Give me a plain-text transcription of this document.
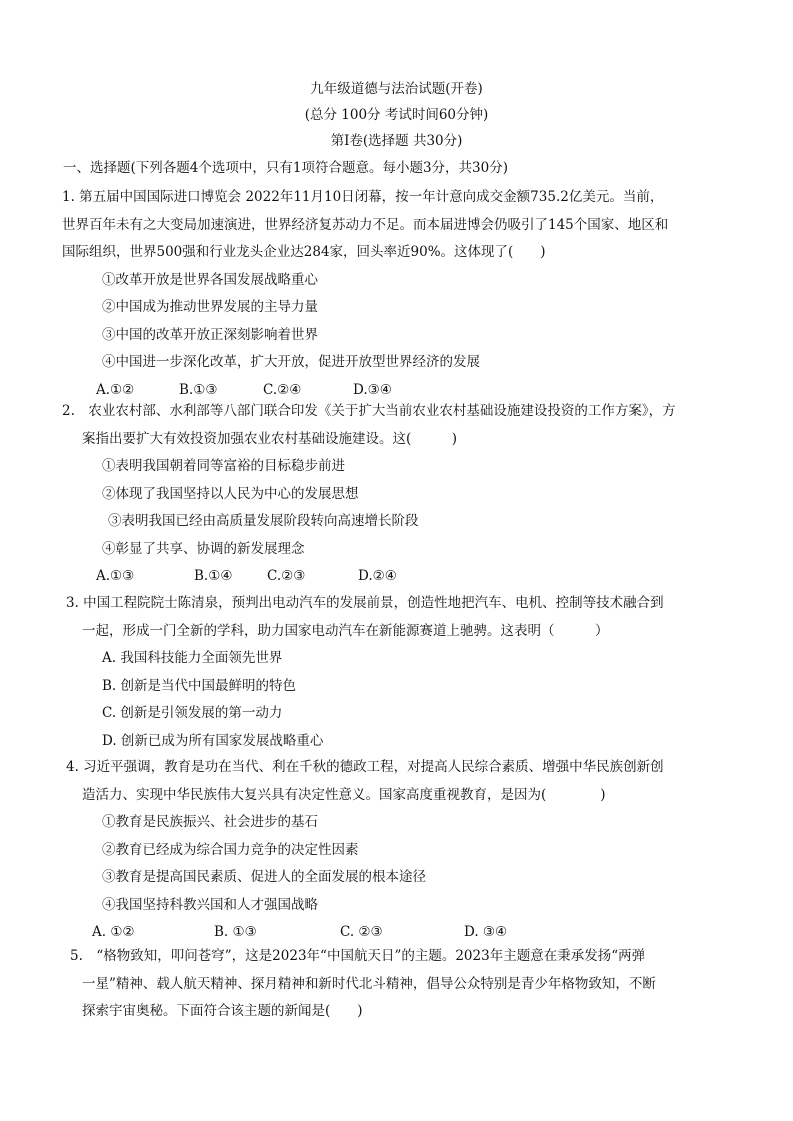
九年级道德与法治试题(开卷)
(总分 100分 考试时间60分钟)
第Ⅰ卷(选择题 共30分)
一、选择题(下列各题4个选项中，只有1项符合题意。每小题3分，共30分)
1. 第五届中国国际进口博览会 2022年11月10日闭幕，按一年计意向成交金额735.2亿美元。当前，
世界百年未有之大变局加速演进，世界经济复苏动力不足。而本届进博会仍吸引了145个国家、地区和
国际组织，世界500强和行业龙头企业达284家，回头率近90%。这体现了(　　)
①改革开放是世界各国发展战略重心
②中国成为推动世界发展的主导力量
③中国的改革开放正深刻影响着世界
④中国进一步深化改革，扩大开放，促进开放型世界经济的发展
A.①②	B.①③	C.②④	D.③④
2.　农业农村部、水利部等八部门联合印发《关于扩大当前农业农村基础设施建设投资的工作方案》，方
案指出要扩大有效投资加强农业农村基础设施建设。这(　　　)
①表明我国朝着同等富裕的目标稳步前进
②体现了我国坚持以人民为中心的发展思想
③表明我国已经由高质量发展阶段转向高速增长阶段
④彰显了共享、协调的新发展理念
A.①③	B.①④	C.②③	D.②④
3. 中国工程院院士陈清泉，预判出电动汽车的发展前景，创造性地把汽车、电机、控制等技术融合到
一起，形成一门全新的学科，助力国家电动汽车在新能源赛道上驰骋。这表明（　　　）
A. 我国科技能力全面领先世界
B. 创新是当代中国最鲜明的特色
C. 创新是引领发展的第一动力
D. 创新已成为所有国家发展战略重心
4. 习近平强调，教育是功在当代、利在千秋的德政工程，对提高人民综合素质、增强中华民族创新创
造活力、实现中华民族伟大复兴具有决定性意义。国家高度重视教育，是因为(　　　　)
①教育是民族振兴、社会进步的基石
②教育已经成为综合国力竞争的决定性因素
③教育是提高国民素质、促进人的全面发展的根本途径
④我国坚持科教兴国和人才强国战略
A. ①②	B. ①③	C. ②③	D. ③④
5.　“格物致知，叩问苍穹”，这是2023年“中国航天日”的主题。2023年主题意在秉承发扬“两弹
一星”精神、载人航天精神、探月精神和新时代北斗精神，倡导公众特别是青少年格物致知，不断
探索宇宙奥秘。下面符合该主题的新闻是(　　)
